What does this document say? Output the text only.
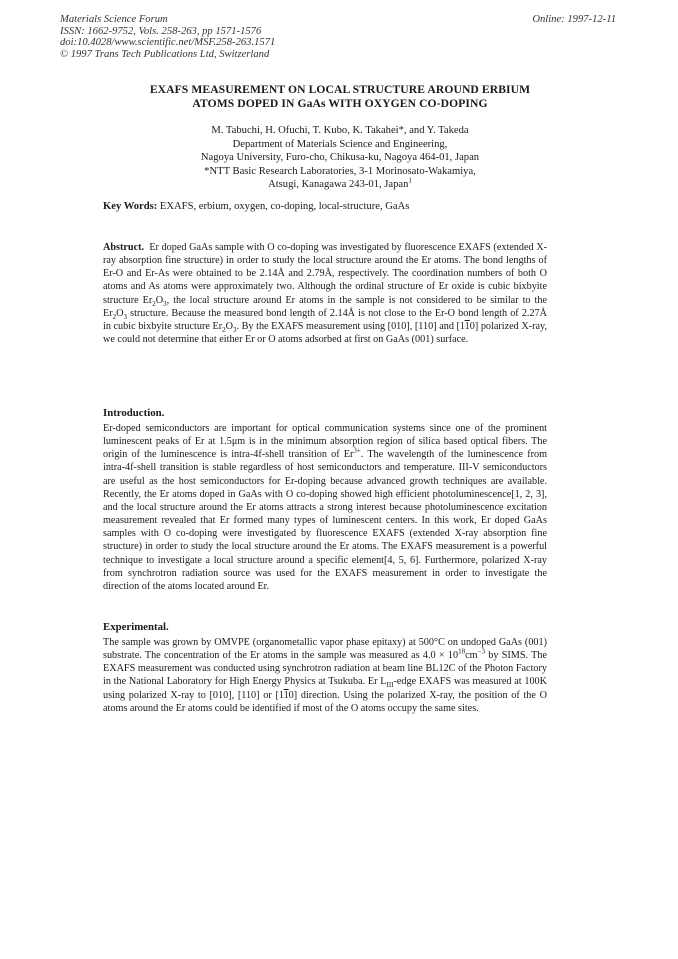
Materials Science Forum
ISSN: 1662-9752, Vols. 258-263, pp 1571-1576
doi:10.4028/www.scientific.net/MSF.258-263.1571
© 1997 Trans Tech Publications Ltd, Switzerland
Online: 1997-12-11
EXAFS MEASUREMENT ON LOCAL STRUCTURE AROUND ERBIUM
ATOMS DOPED IN GaAs WITH OXYGEN CO-DOPING
M. Tabuchi, H. Ofuchi, T. Kubo, K. Takahei*, and Y. Takeda
Department of Materials Science and Engineering,
Nagoya University, Furo-cho, Chikusa-ku, Nagoya 464-01, Japan
*NTT Basic Research Laboratories, 3-1 Morinosato-Wakamiya,
Atsugi, Kanagawa 243-01, Japan$^1$
Key Words: EXAFS, erbium, oxygen, co-doping, local-structure, GaAs
Abstruct. Er doped GaAs sample with O co-doping was investigated by fluorescence EXAFS (extended X-ray absorption fine structure) in order to study the local structure around the Er atoms. The bond lengths of Er-O and Er-As were obtained to be 2.14Å and 2.79Å, respectively. The coordination numbers of both O atoms and As atoms were approximately two. Although the ordinal structure of Er oxide is cubic bixbyite structure $Er_2O_3$, the local structure around Er atoms in the sample is not considered to be similar to the $Er_2O_3$ structure. Because the measured bond length of 2.14Å is not close to the Er-O bond length of 2.27Å in cubic bixbyite structure $Er_2O_3$. By the EXAFS measurement using [010], [110] and [110] polarized X-ray, we could not determine that either Er or O atoms adsorbed at first on GaAs (001) surface.
Introduction.
Er-doped semiconductors are important for optical communication systems since one of the prominent luminescent peaks of Er at 1.5μm is in the minimum absorption region of silica based optical fibers. The origin of the luminescence is intra-4f-shell transition of $Er^{3+}$. The wavelength of the luminescence from intra-4f-shell transition is stable regardless of host semiconductors and temperature. III-V semiconductors are useful as the host semiconductors for Er-doping because advanced growth techniques are available. Recently, the Er atoms doped in GaAs with O co-doping showed high efficient photoluminescence[1, 2, 3], and the local structure around the Er atoms attracts a strong interest because photoluminescence excitation measurement revealed that Er formed many types of luminescent centers. In this work, Er doped GaAs samples with O co-doping were investigated by fluorescence EXAFS (extended X-ray absorption fine structure) in order to study the local structure around the Er atoms. The EXAFS measurement is a powerful technique to investigate a local structure around a specific element[4, 5, 6]. Furthermore, polarized X-ray from synchrotron radiation source was used for the EXAFS measurement in order to investigate the direction of the atoms located around Er.
Experimental.
The sample was grown by OMVPE (organometallic vapor phase epitaxy) at 500°C on undoped GaAs (001) substrate. The concentration of the Er atoms in the sample was measured as $4.0 \times 10^{18}cm^{-3}$ by SIMS. The EXAFS measurement was conducted using synchrotron radiation at beam line BL12C of the Photon Factory in the National Laboratory for High Energy Physics at Tsukuba. Er $L_{III}$-edge EXAFS was measured at 100K using polarized X-ray to [010], [110] or [110] direction. Using the polarized X-ray, the position of the O atoms around the Er atoms could be identified if most of the O atoms occupy the same sites.
